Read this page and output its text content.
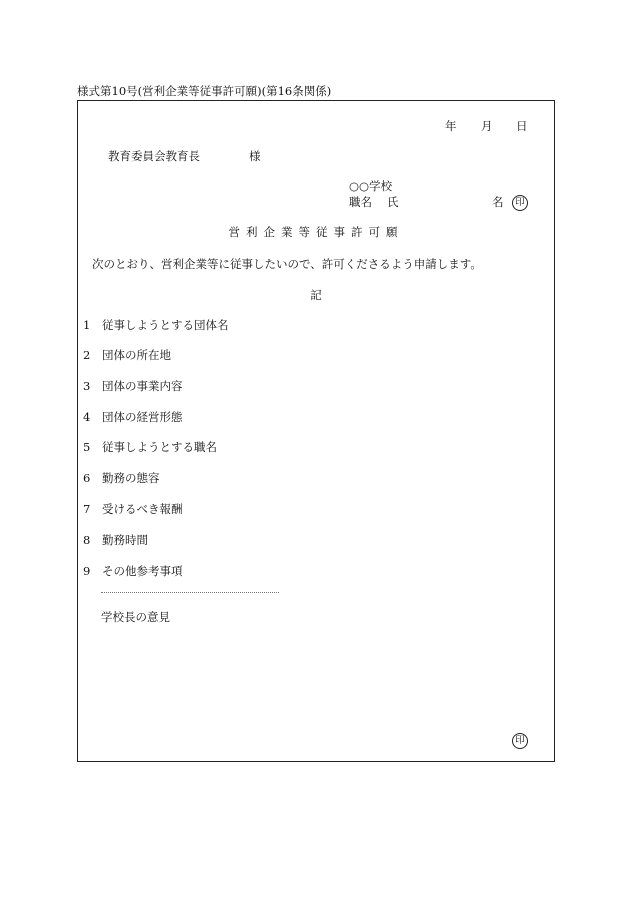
様式第10号(営利企業等従事許可願)(第16条関係)
年 月 日
教育委員会教育長	様
○○学校
職名 氏	名	印
営利企業等従事許可願
次のとおり、営利企業等に従事したいので、許可くださるよう申請します。
記
1 従事しようとする団体名
2 団体の所在地
3 団体の事業内容
4 団体の経営形態
5 従事しようとする職名
6 勤務の態容
7 受けるべき報酬
8 勤務時間
9 その他参考事項
学校長の意見
印
